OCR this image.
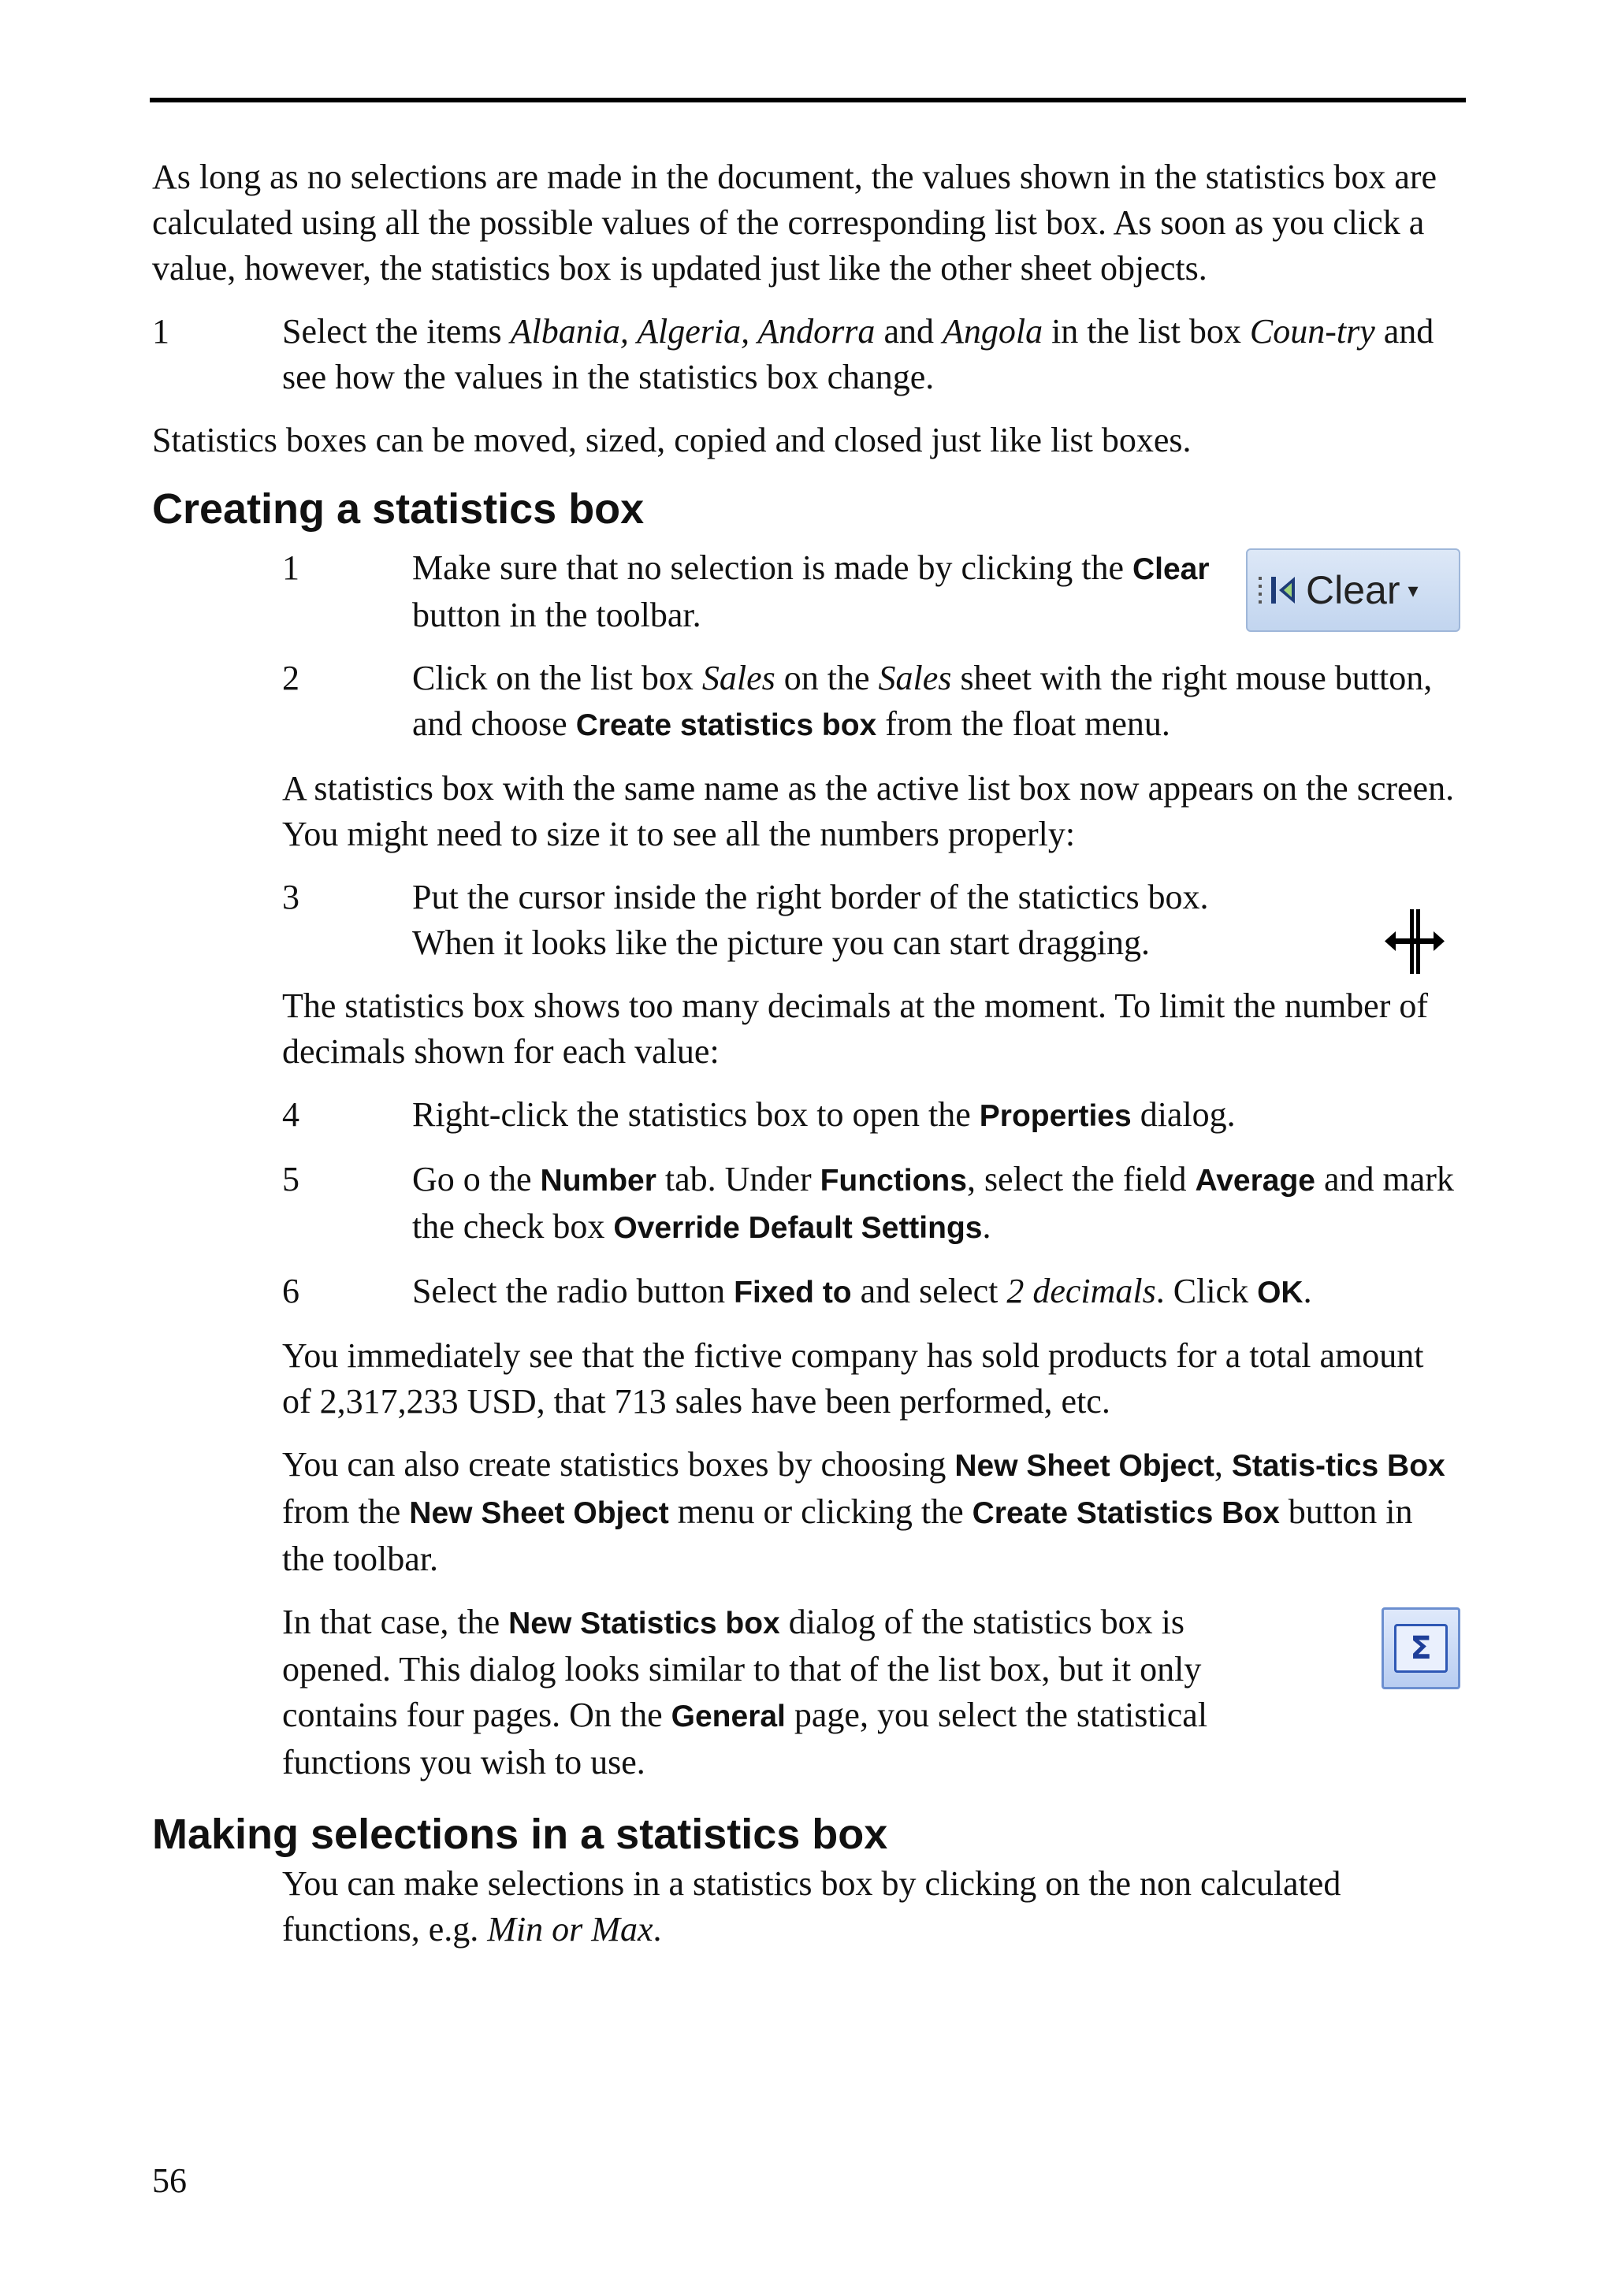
As long as no selections are made in the document, the values shown in the statistics box are calculated using all the possible values of the corresponding list box. As soon as you click a value, however, the statistics box is updated just like the other sheet objects.

1	Select the items Albania, Algeria, Andorra and Angola in the list box Coun-try and see how the values in the statistics box change.

Statistics boxes can be moved, sized, copied and closed just like list boxes.

Creating a statistics box
1	Make sure that no selection is made by clicking the Clear button in the toolbar.
Clear ▾
2	Click on the list box Sales on the Sales sheet with the right mouse button, and choose Create statistics box from the float menu.

A statistics box with the same name as the active list box now appears on the screen. You might need to size it to see all the numbers properly:

3	Put the cursor inside the right border of the statictics box. When it looks like the picture you can start dragging.

The statistics box shows too many decimals at the moment. To limit the number of decimals shown for each value:

4	Right-click the statistics box to open the Properties dialog.
5	Go o the Number tab. Under Functions, select the field Average and mark the check box Override Default Settings.
6	Select the radio button Fixed to and select 2 decimals. Click OK.

You immediately see that the fictive company has sold products for a total amount of 2,317,233 USD, that 713 sales have been performed, etc.

You can also create statistics boxes by choosing New Sheet Object, Statis-tics Box from the New Sheet Object menu or clicking the Create Statistics Box button in the toolbar.

In that case, the New Statistics box dialog of the statistics box is opened. This dialog looks similar to that of the list box, but it only contains four pages. On the General page, you select the statistical functions you wish to use.

Σ
Making selections in a statistics box

You can make selections in a statistics box by clicking on the non calculated functions, e.g. Min or Max.

56
